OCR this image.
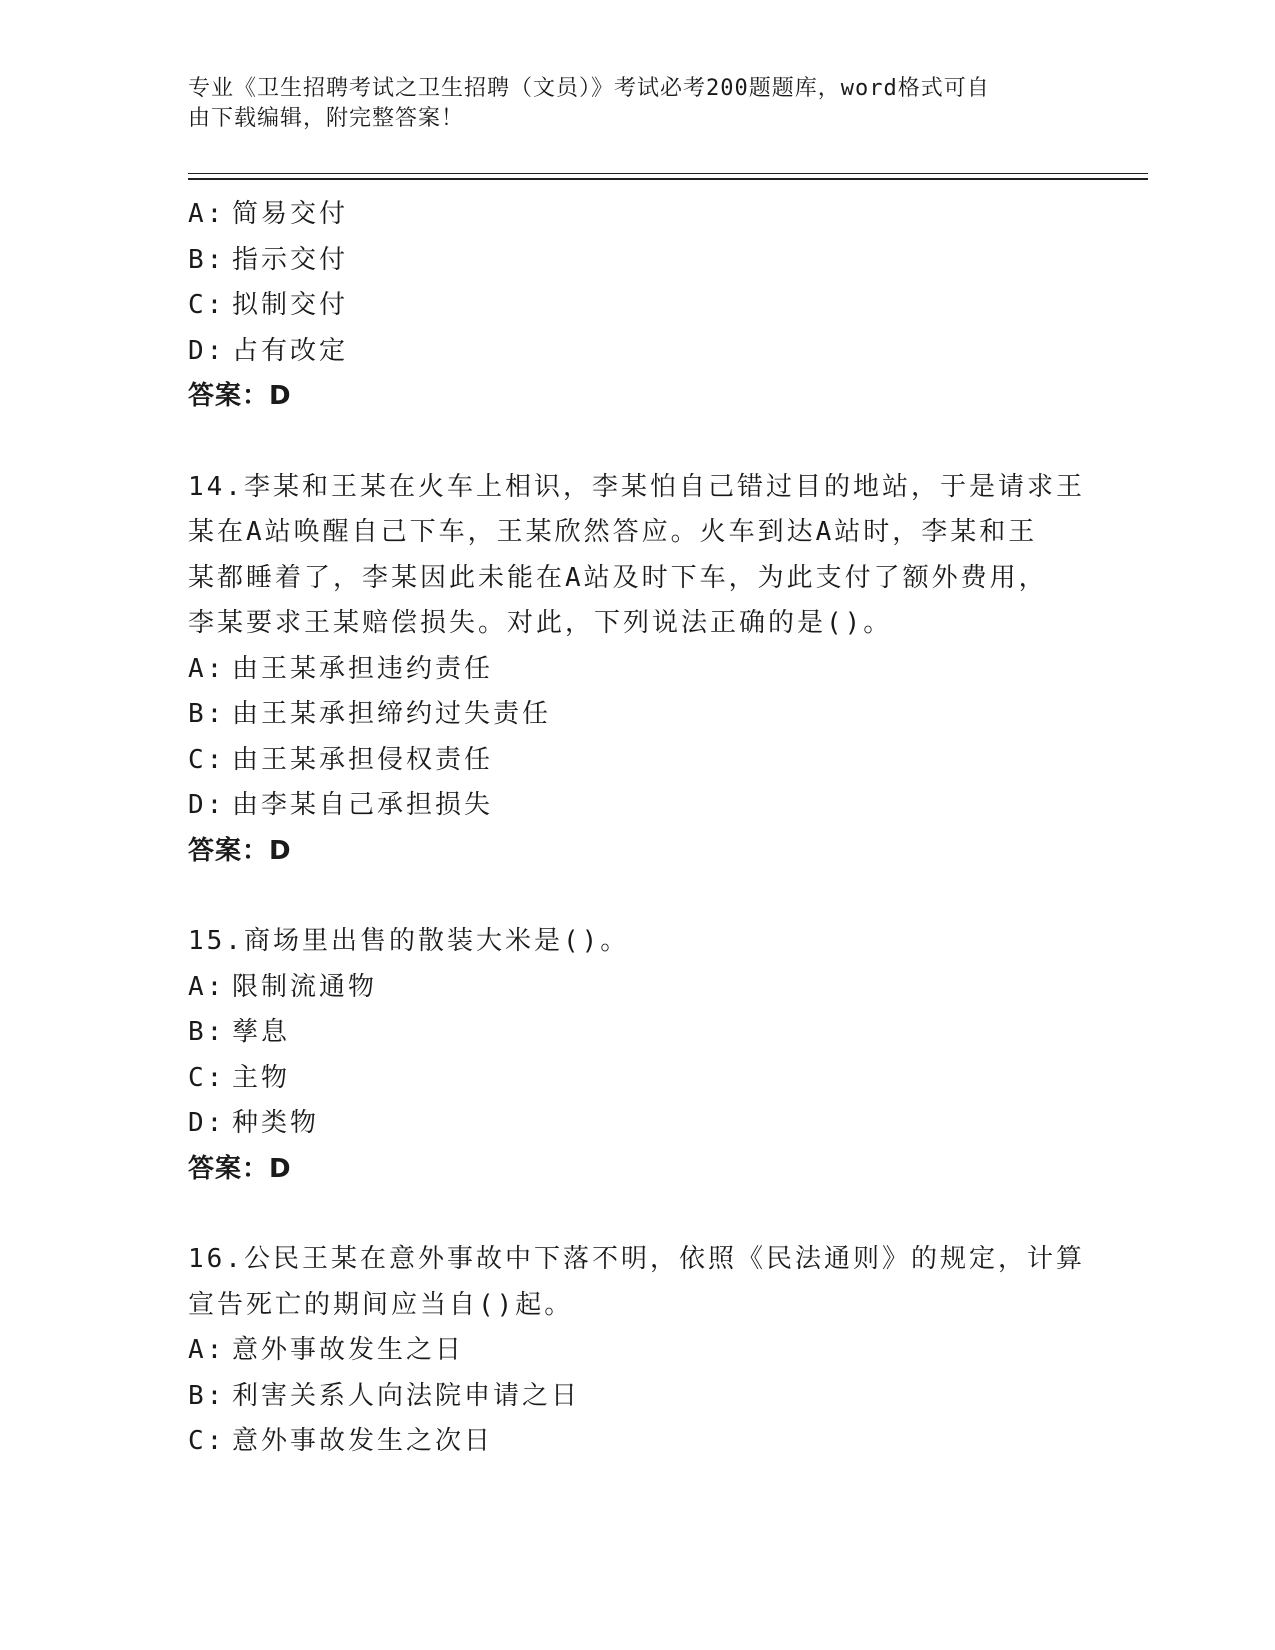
专业《卫生招聘考试之卫生招聘（文员）》考试必考200题题库，word格式可自
由下载编辑，附完整答案！
A: 简易交付
B: 指示交付
C: 拟制交付
D: 占有改定
答案：D
14.李某和王某在火车上相识，李某怕自己错过目的地站，于是请求王
某在A站唤醒自己下车，王某欣然答应。火车到达A站时，李某和王
某都睡着了，李某因此未能在A站及时下车，为此支付了额外费用，
李某要求王某赔偿损失。对此，下列说法正确的是()。
A: 由王某承担违约责任
B: 由王某承担缔约过失责任
C: 由王某承担侵权责任
D: 由李某自己承担损失
答案：D
15.商场里出售的散装大米是()。
A: 限制流通物
B: 孳息
C: 主物
D: 种类物
答案：D
16.公民王某在意外事故中下落不明，依照《民法通则》的规定，计算
宣告死亡的期间应当自()起。
A: 意外事故发生之日
B: 利害关系人向法院申请之日
C: 意外事故发生之次日
